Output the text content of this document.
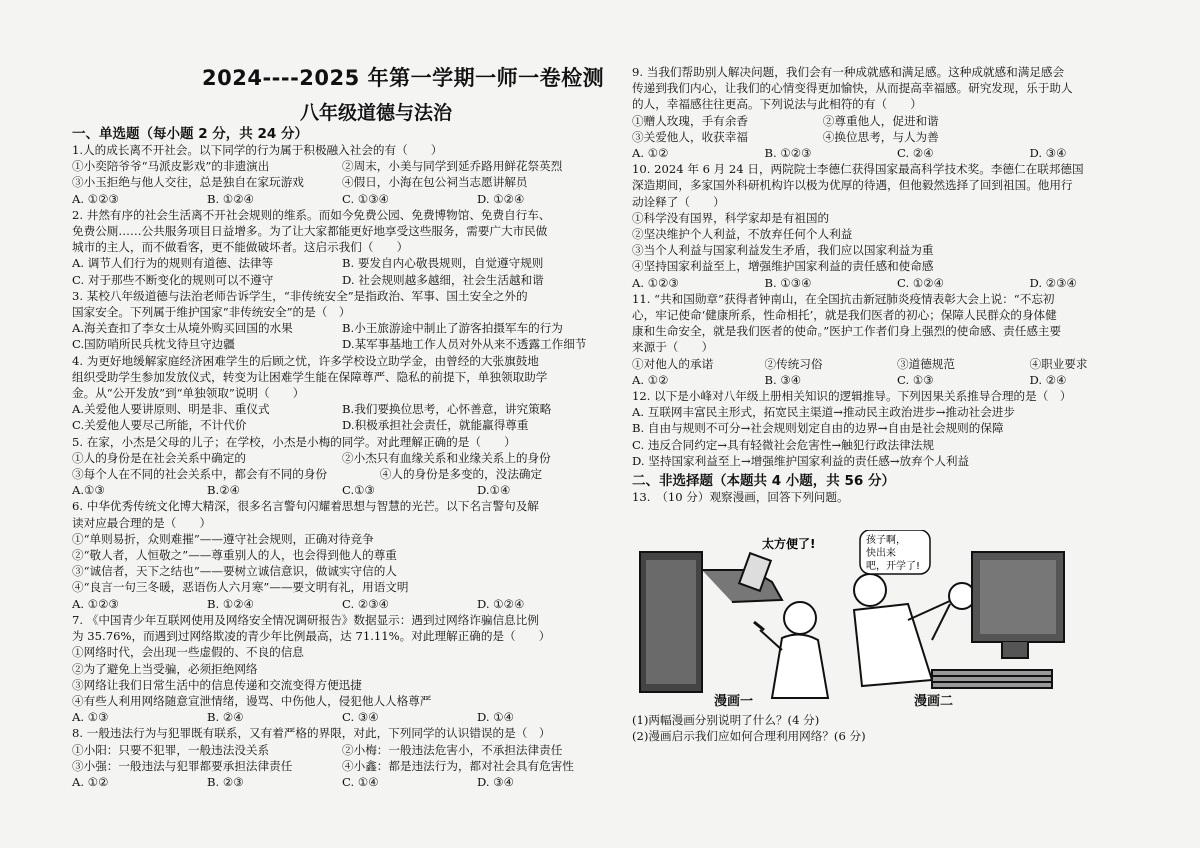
2024----2025 年第一学期一师一卷检测
八年级道德与法治
一、单选题（每小题 2 分，共 24 分）

1.人的成长离不开社会。以下同学的行为属于积极融入社会的有（　　）

①小奕陪爷爷“马派皮影戏”的非遗演出	②周末，小美与同学到延乔路用鲜花祭英烈
③小玉拒绝与他人交往，总是独自在家玩游戏	④假日，小海在包公祠当志愿讲解员
A. ①②③	B. ①②④	C. ①③④	D. ①②④

2. 井然有序的社会生活离不开社会规则的维系。而如今免费公园、免费博物馆、免费自行车、

免费公厕……公共服务项目日益增多。为了让大家都能更好地享受这些服务，需要广大市民做

城市的主人，而不做看客，更不能做破坏者。这启示我们（　　）

A. 调节人们行为的规则有道德、法律等	B. 要发自内心敬畏规则，自觉遵守规则
C. 对于那些不断变化的规则可以不遵守	D. 社会规则越多越细，社会生活越和谐

3. 某校八年级道德与法治老师告诉学生，“非传统安全”是指政治、军事、国土安全之外的

国家安全。下列属于维护国家“非传统安全”的是（　）

A.海关查扣了李女士从境外购买回国的水果	B.小王旅游途中制止了游客拍摄军车的行为
C.国防哨所民兵枕戈待旦守边疆	D.某军事基地工作人员对外从来不透露工作细节

4. 为更好地缓解家庭经济困难学生的后顾之忧，许多学校设立助学金，由曾经的大张旗鼓地

组织受助学生参加发放仪式，转变为让困难学生能在保障尊严、隐私的前提下，单独领取助学

金。从“公开发放”到“单独领取”说明（　　）

A.关爱他人要讲原则、明是非、重仪式	B.我们要换位思考，心怀善意，讲究策略
C.关爱他人要尽己所能，不计代价	D.积极承担社会责任，就能赢得尊重

5. 在家，小杰是父母的儿子；在学校，小杰是小梅的同学。对此理解正确的是（　　）

①人的身份是在社会关系中确定的	②小杰只有血缘关系和业缘关系上的身份
③每个人在不同的社会关系中，都会有不同的身份	④人的身份是多变的，没法确定
A.①③	B.②④	C.①③	D.①④

6. 中华优秀传统文化博大精深，很多名言警句闪耀着思想与智慧的光芒。以下名言警句及解

读对应最合理的是（　　）

①“单则易折，众则难摧”——遵守社会规则，正确对待竞争

②“敬人者，人恒敬之”——尊重别人的人，也会得到他人的尊重

③“诚信者，天下之结也”——要树立诚信意识，做诚实守信的人

④“良言一句三冬暖，恶语伤人六月寒”——要文明有礼，用语文明

A. ①②③	B. ①②④	C. ②③④	D. ①②④

7. 《中国青少年互联网使用及网络安全情况调研报告》数据显示：遇到过网络诈骗信息比例

为 35.76%，而遇到过网络欺凌的青少年比例最高，达 71.11%。对此理解正确的是（　　）

①网络时代，会出现一些虚假的、不良的信息

②为了避免上当受骗，必须拒绝网络

③网络让我们日常生活中的信息传递和交流变得方便迅捷

④有些人利用网络随意宣泄情绪，谩骂、中伤他人，侵犯他人人格尊严

A. ①③	B. ②④	C. ③④	D. ①④

8. 一般违法行为与犯罪既有联系，又有着严格的界限，对此，下列同学的认识错误的是（　）

①小阳：只要不犯罪，一般违法没关系	②小梅：一般违法危害小，不承担法律责任
③小强：一般违法与犯罪都要承担法律责任	④小鑫：都是违法行为，都对社会具有危害性
A. ①②	B. ②③	C. ①④	D. ③④

9. 当我们帮助别人解决问题，我们会有一种成就感和满足感。这种成就感和满足感会

传递到我们内心，让我们的心情变得更加愉快，从而提高幸福感。研究发现，乐于助人

的人，幸福感往往更高。下列说法与此相符的有（　　）

①赠人玫瑰，手有余香	②尊重他人，促进和谐
③关爱他人，收获幸福	④换位思考，与人为善
A. ①②	B. ①②③	C. ②④	D. ③④

10. 2024 年 6 月 24 日，两院院士李德仁获得国家最高科学技术奖。李德仁在联邦德国

深造期间，多家国外科研机构许以极为优厚的待遇，但他毅然选择了回到祖国。他用行

动诠释了（　　）

①科学没有国界，科学家却是有祖国的

②坚决维护个人利益，不放弃任何个人利益

③当个人利益与国家利益发生矛盾，我们应以国家利益为重

④坚持国家利益至上，增强维护国家利益的责任感和使命感

A. ①②③	B. ①③④	C. ①②④	D. ②③④

11. “共和国勋章”获得者钟南山，在全国抗击新冠肺炎疫情表彰大会上说：“不忘初

心，牢记使命‘健康所系，性命相托’，就是我们医者的初心；保障人民群众的身体健

康和生命安全，就是我们医者的使命。”医护工作者们身上强烈的使命感、责任感主要

来源于（　　）

①对他人的承诺	②传统习俗	③道德规范	④职业要求
A. ①②	B. ③④	C. ①③	D. ②④

12. 以下是小峰对八年级上册相关知识的逻辑推导。下列因果关系推导合理的是（　）

A. 互联网丰富民主形式，拓宽民主渠道→推动民主政治进步→推动社会进步

B. 自由与规则不可分→社会规则划定自由的边界→自由是社会规则的保障

C. 违反合同约定→具有轻微社会危害性→触犯行政法律法规

D. 坚持国家利益至上→增强维护国家利益的责任感→放弃个人利益

二、非选择题（本题共 4 小题，共 56 分）

13.　（10 分）观察漫画，回答下列问题。

太方便了!	孩子啊，
快出来
吧，开学了!
漫画一	漫画二

(1)两幅漫画分别说明了什么？(4 分)

(2)漫画启示我们应如何合理利用网络？(6 分)
